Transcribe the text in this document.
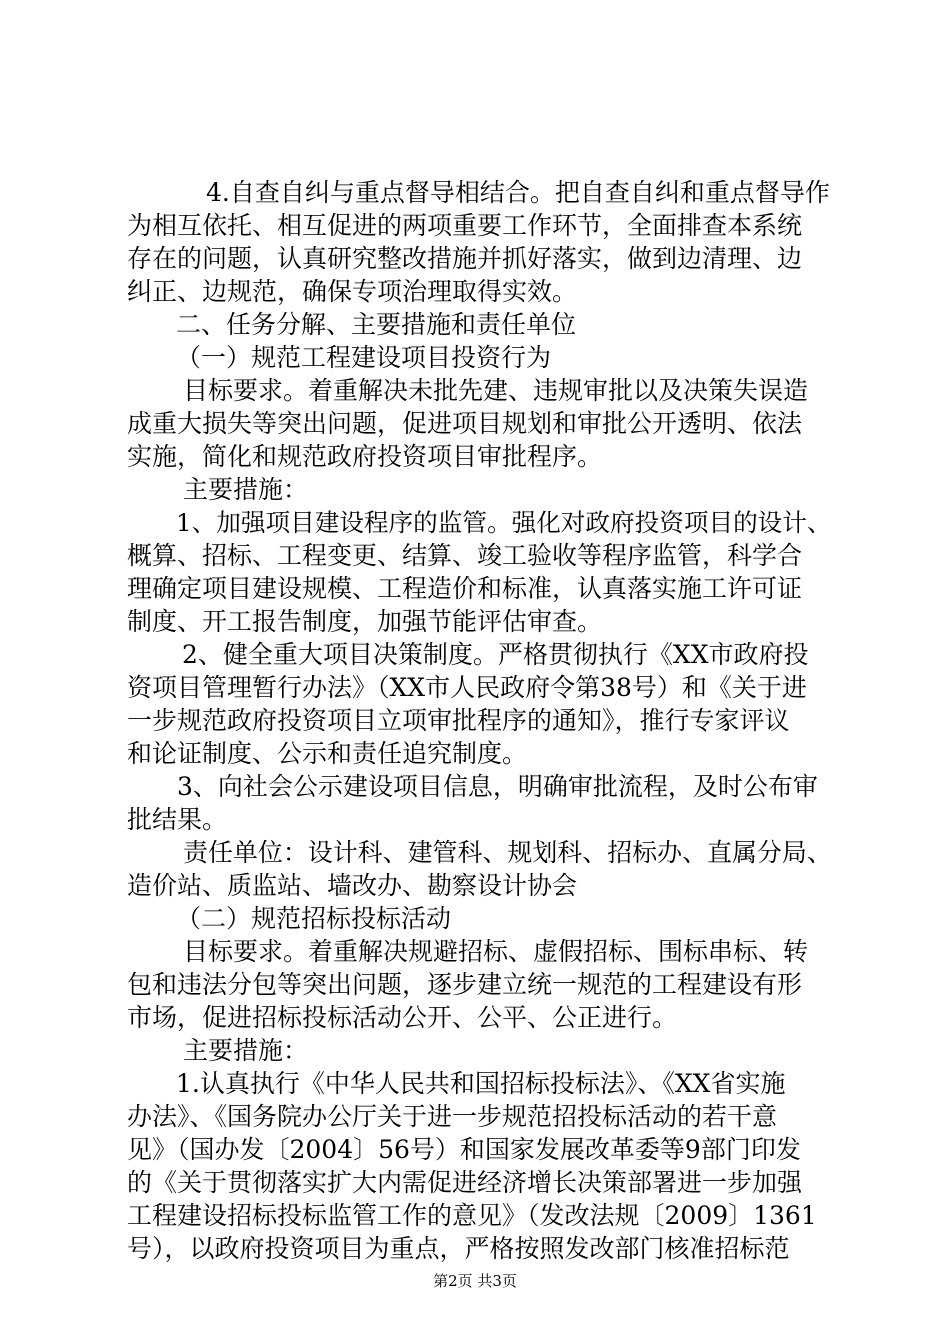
4.自查自纠与重点督导相结合。把自查自纠和重点督导作
为相互依托、相互促进的两项重要工作环节，全面排查本系统
存在的问题，认真研究整改措施并抓好落实，做到边清理、边
纠正、边规范，确保专项治理取得实效。
二、任务分解、主要措施和责任单位
（一）规范工程建设项目投资行为
目标要求。着重解决未批先建、违规审批以及决策失误造
成重大损失等突出问题，促进项目规划和审批公开透明、依法
实施，简化和规范政府投资项目审批程序。
主要措施：
1、加强项目建设程序的监管。强化对政府投资项目的设计、
概算、招标、工程变更、结算、竣工验收等程序监管，科学合
理确定项目建设规模、工程造价和标准，认真落实施工许可证
制度、开工报告制度，加强节能评估审查。
2、健全重大项目决策制度。严格贯彻执行《XX市政府投
资项目管理暂行办法》（XX市人民政府令第38号）和《关于进
一步规范政府投资项目立项审批程序的通知》，推行专家评议
和论证制度、公示和责任追究制度。
3、向社会公示建设项目信息，明确审批流程，及时公布审
批结果。
责任单位：设计科、建管科、规划科、招标办、直属分局、
造价站、质监站、墙改办、勘察设计协会
（二）规范招标投标活动
目标要求。着重解决规避招标、虚假招标、围标串标、转
包和违法分包等突出问题，逐步建立统一规范的工程建设有形
市场，促进招标投标活动公开、公平、公正进行。
主要措施：
1.认真执行《中华人民共和国招标投标法》、《XX省实施
办法》、《国务院办公厅关于进一步规范招投标活动的若干意
见》（国办发〔2004〕56号）和国家发展改革委等9部门印发
的《关于贯彻落实扩大内需促进经济增长决策部署进一步加强
工程建设招标投标监管工作的意见》（发改法规〔2009〕1361
号），以政府投资项目为重点，严格按照发改部门核准招标范
第2页 共3页
